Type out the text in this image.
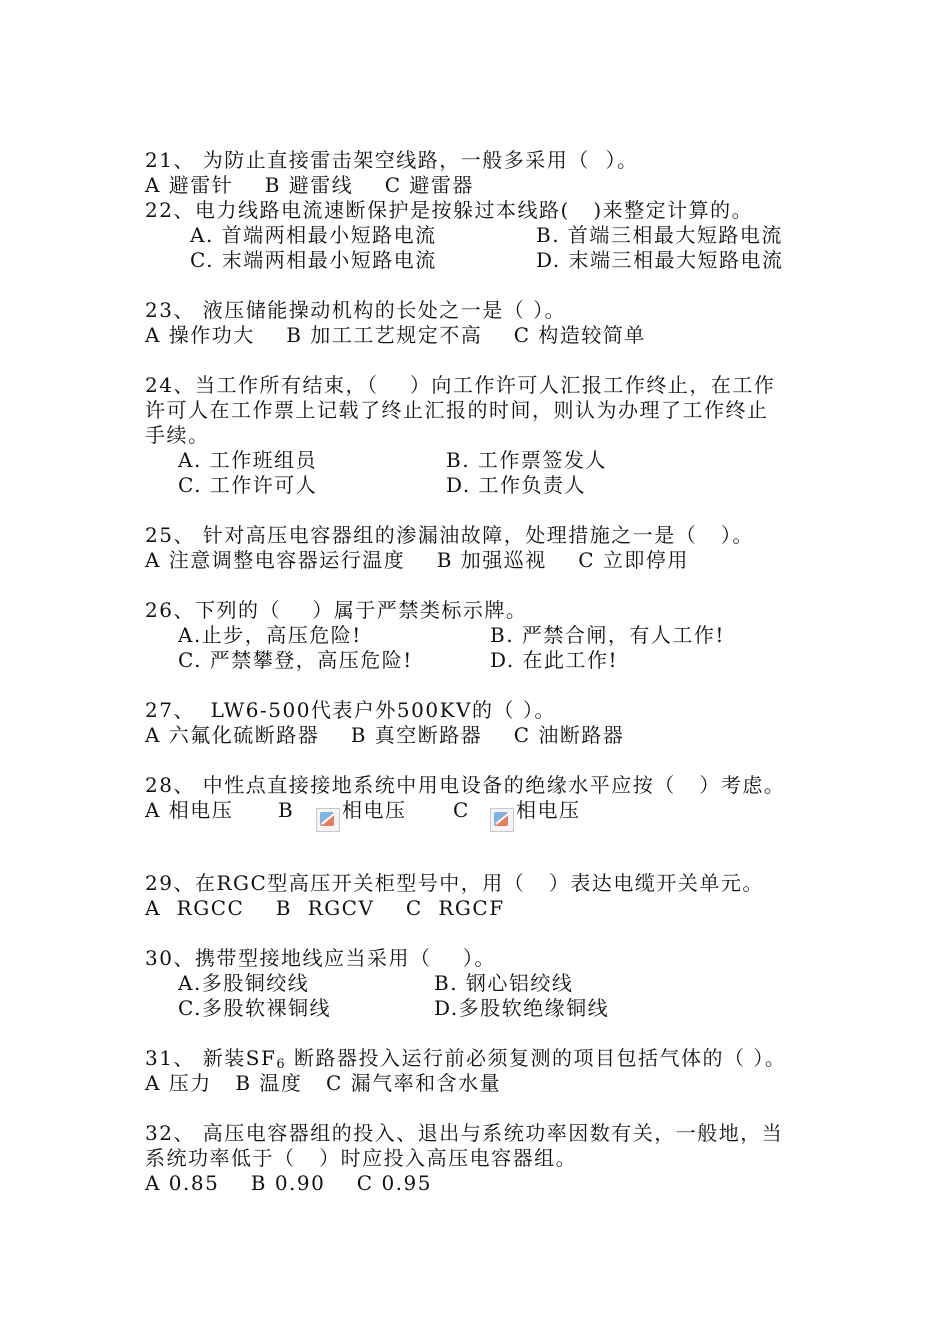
21、 为防止直接雷击架空线路，一般多采用（  ）。
A 避雷针    B 避雷线    C 避雷器
22、电力线路电流速断保护是按躲过本线路(   )来整定计算的。
A. 首端两相最小短路电流	B. 首端三相最大短路电流
C. 末端两相最小短路电流	D. 末端三相最大短路电流
23、 液压储能操动机构的长处之一是（ ）。
A 操作功大    B 加工工艺规定不高    C 构造较简单
24、当工作所有结束，（    ）向工作许可人汇报工作终止，在工作
许可人在工作票上记载了终止汇报的时间，则认为办理了工作终止
手续。
A. 工作班组员	B. 工作票签发人
C. 工作许可人	D. 工作负责人
25、 针对高压电容器组的渗漏油故障，处理措施之一是（   ）。
A 注意调整电容器运行温度    B 加强巡视    C 立即停用
26、下列的（    ）属于严禁类标示牌。
A.止步，高压危险!	B. 严禁合闸，有人工作!
C. 严禁攀登，高压危险!	D. 在此工作!
27、  LW6-500代表户外500KV的（ ）。
A 六氟化硫断路器    B 真空断路器    C 油断路器
28、 中性点直接接地系统中用电设备的绝缘水平应按（   ）考虑。
A 相电压 B 相电压 C 相电压
29、在RGC型高压开关柜型号中，用（   ）表达电缆开关单元。
A  RGCC    B  RGCV    C  RGCF
30、携带型接地线应当采用（    ）。
A.多股铜绞线	B. 钢心铝绞线
C.多股软裸铜线	D.多股软绝缘铜线
31、 新装$SF_6$ 断路器投入运行前必须复测的项目包括气体的（ ）。
A 压力   B 温度   C 漏气率和含水量
32、 高压电容器组的投入、退出与系统功率因数有关，一般地，当
系统功率低于（   ）时应投入高压电容器组。
A 0.85    B 0.90    C 0.95
